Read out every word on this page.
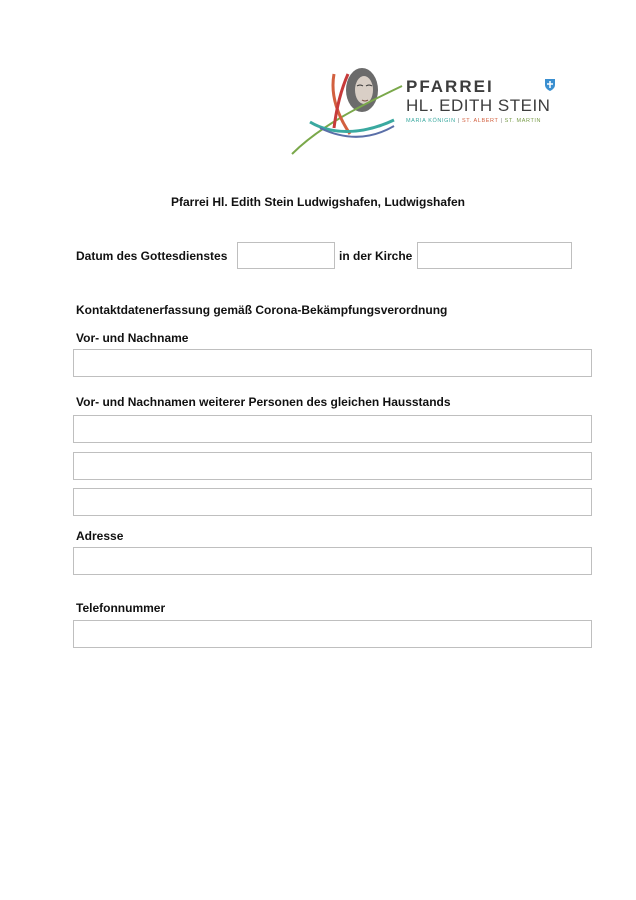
PFARREI
HL. EDITH STEIN
MARIA KÖNIGIN | ST. ALBERT | ST. MARTIN
Pfarrei Hl. Edith Stein Ludwigshafen, Ludwigshafen
Datum des Gottesdienstes	in der Kirche
Kontaktdatenerfassung gemäß Corona-Bekämpfungsverordnung
Vor- und Nachname
Vor- und Nachnamen weiterer Personen des gleichen Hausstands
Adresse
Telefonnummer
